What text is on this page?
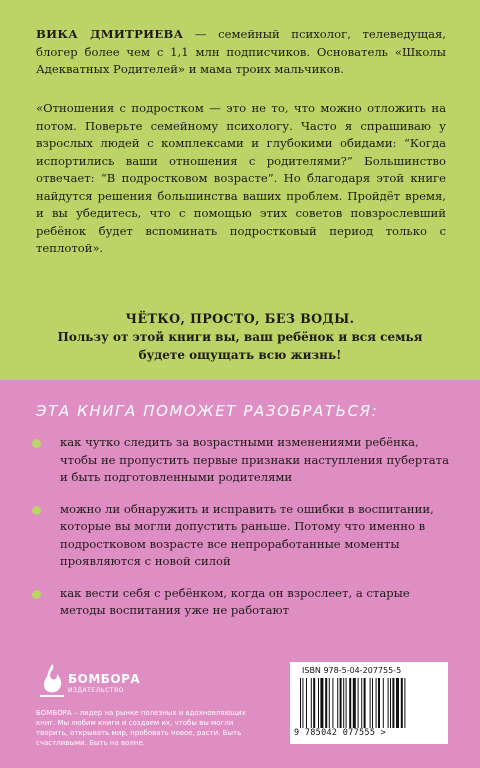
ВИКА ДМИТРИЕВА — семейный психолог, телеведущая, блогер более чем с 1,1 млн подписчиков. Основатель «Школы Адекватных Родителей» и мама троих мальчиков.

«Отношения с подростком — это не то, что можно отложить на потом. Поверьте семейному психологу. Часто я спрашиваю у взрослых людей с комплексами и глубокими обидами: “Когда испортились ваши отношения с родителями?” Большинство отвечает: “В подростковом возрасте”. Но благодаря этой книге найдутся решения большинства ваших проблем. Пройдёт время, и вы убедитесь, что с помощью этих советов повзрослевший ребёнок будет вспоминать подростковый период только с теплотой».

ЧЁТКО, ПРОСТО, БЕЗ ВОДЫ.
Пользу от этой книги вы, ваш ребёнок и вся семья
будете ощущать всю жизнь!

ЭТА КНИГА ПОМОЖЕТ РАЗОБРАТЬСЯ:

как чутко следить за возрастными изменениями ребёнка, чтобы не пропустить первые признаки наступления пубертата и быть подготовленными родителями
можно ли обнаружить и исправить те ошибки в воспитании, которые вы могли допустить раньше. Потому что именно в подростковом возрасте все непроработанные моменты проявляются с новой силой
как вести себя с ребёнком, когда он взрослеет, а старые методы воспитания уже не работают

БОМБОРА

ИЗДАТЕЛЬСТВО

БОМБОРА – лидер на рынке полезных и вдохновляющих книг. Мы любим книги и создаем их, чтобы вы могли творить, открывать мир, пробовать новое, расти. Быть счастливыми. Быть на волне.

ISBN 978-5-04-207755-5

9 785042 077555 >
